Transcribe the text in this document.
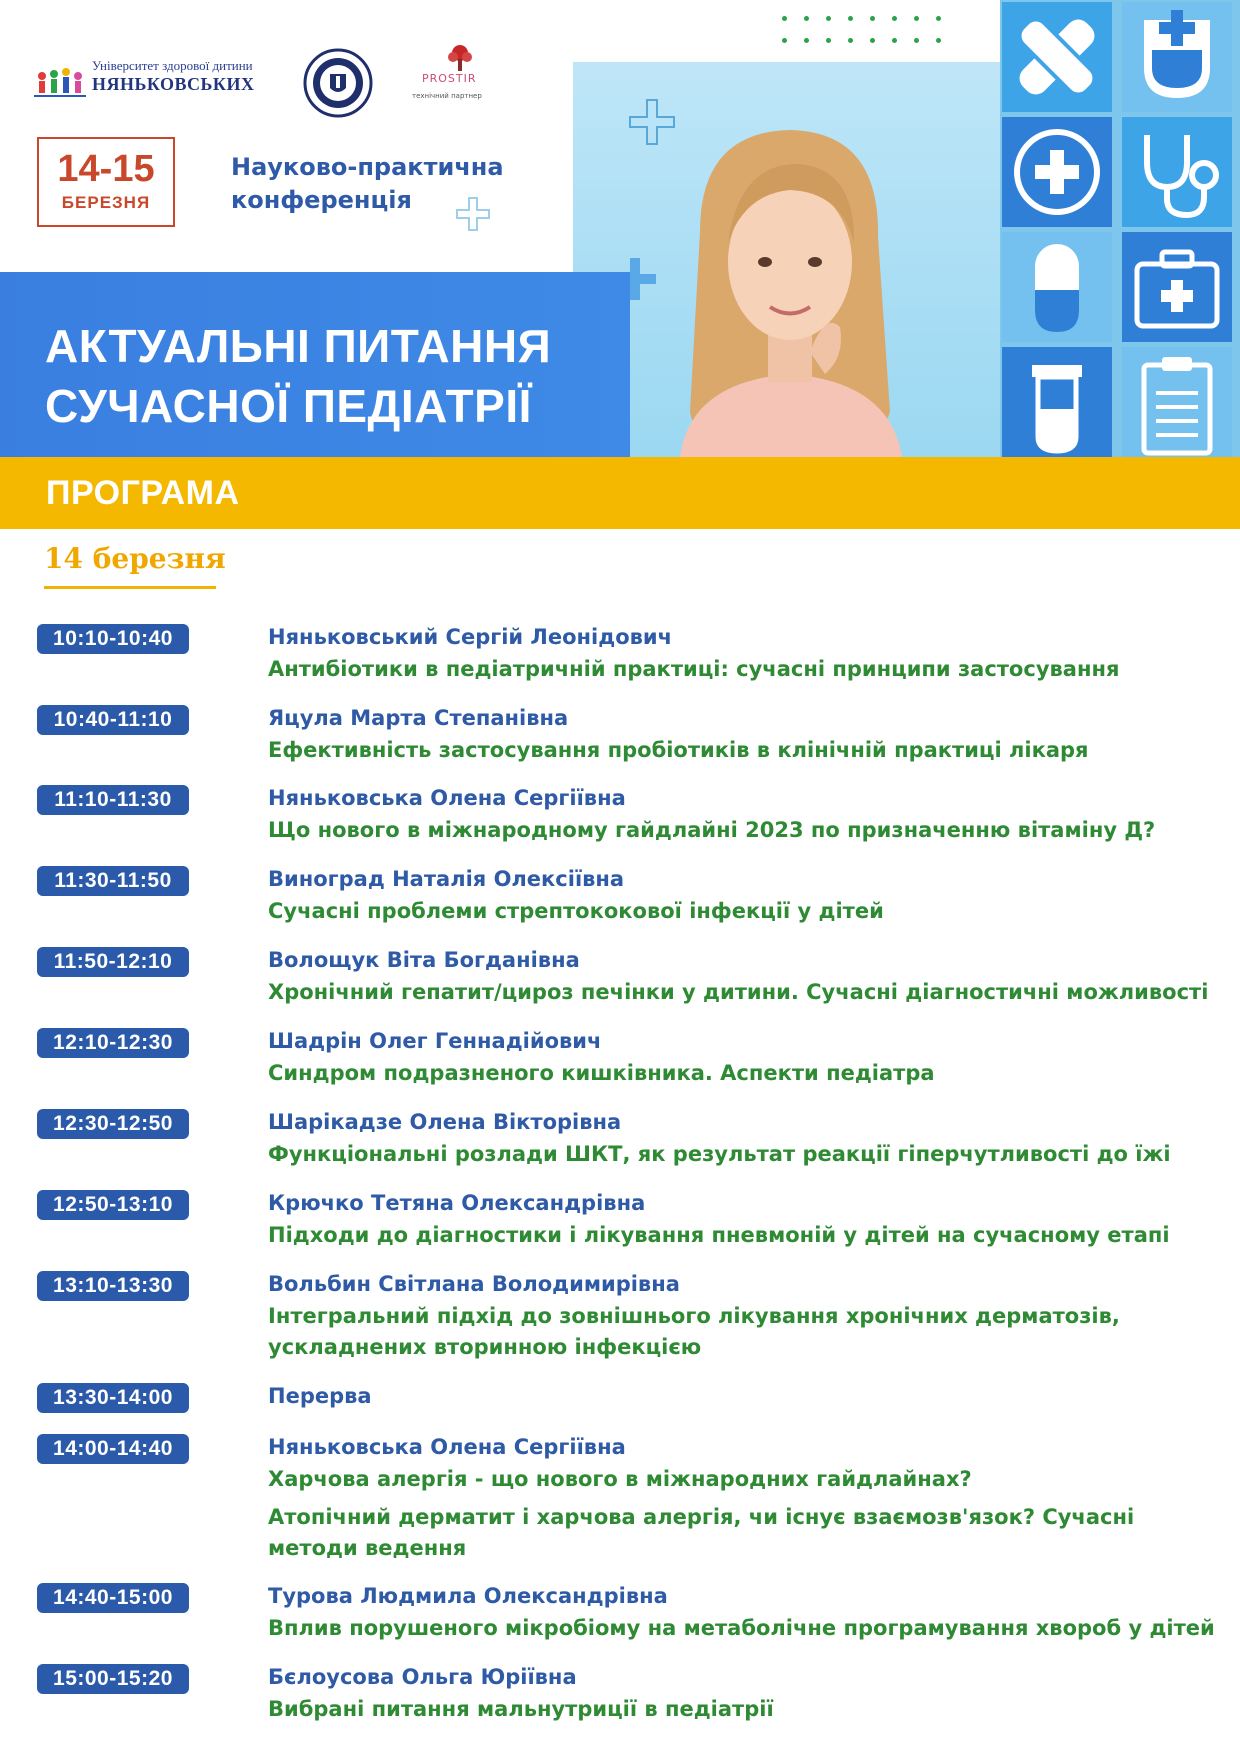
Університет здорової дитини
НЯНЬКОВСЬКИХ	PROSTIR
технічний партнер
14-15
БЕРЕЗНЯ
Науково-практична конференція
АКТУАЛЬНІ ПИТАННЯ
СУЧАСНОЇ ПЕДІАТРІЇ
ПРОГРАМА
14 березня
10:10-10:40	Няньковський Сергій Леонідович
Антибіотики в педіатричній практиці: сучасні принципи застосування
10:40-11:10	Яцула Марта Степанівна
Ефективність застосування пробіотиків в клінічній практиці лікаря
11:10-11:30	Няньковська Олена Сергіївна
Що нового в міжнародному гайдлайні 2023 по призначенню вітаміну Д?
11:30-11:50	Виноград Наталія Олексіївна
Сучасні проблеми стрептококової інфекції у дітей
11:50-12:10	Волощук Віта Богданівна
Хронічний гепатит/цироз печінки у дитини. Сучасні діагностичні можливості
12:10-12:30	Шадрін Олег Геннадійович
Синдром подразненого кишківника. Аспекти педіатра
12:30-12:50	Шарікадзе Олена Вікторівна
Функціональні розлади ШКТ, як результат реакції гіперчутливості до їжі
12:50-13:10	Крючко Тетяна Олександрівна
Підходи до діагностики і лікування пневмоній у дітей на сучасному етапі
13:10-13:30	Вольбин Світлана Володимирівна
Інтегральний підхід до зовнішнього лікування хронічних дерматозів, ускладнених вторинною інфекцією
13:30-14:00	Перерва
14:00-14:40	Няньковська Олена Сергіївна
Харчова алергія - що нового в міжнародних гайдлайнах?
Атопічний дерматит і харчова алергія, чи існує взаємозв'язок? Сучасні методи ведення
14:40-15:00	Турова Людмила Олександрівна
Вплив порушеного мікробіому на метаболічне програмування хвороб у дітей
15:00-15:20	Бєлоусова Ольга Юріївна
Вибрані питання мальнутриції в педіатрії
